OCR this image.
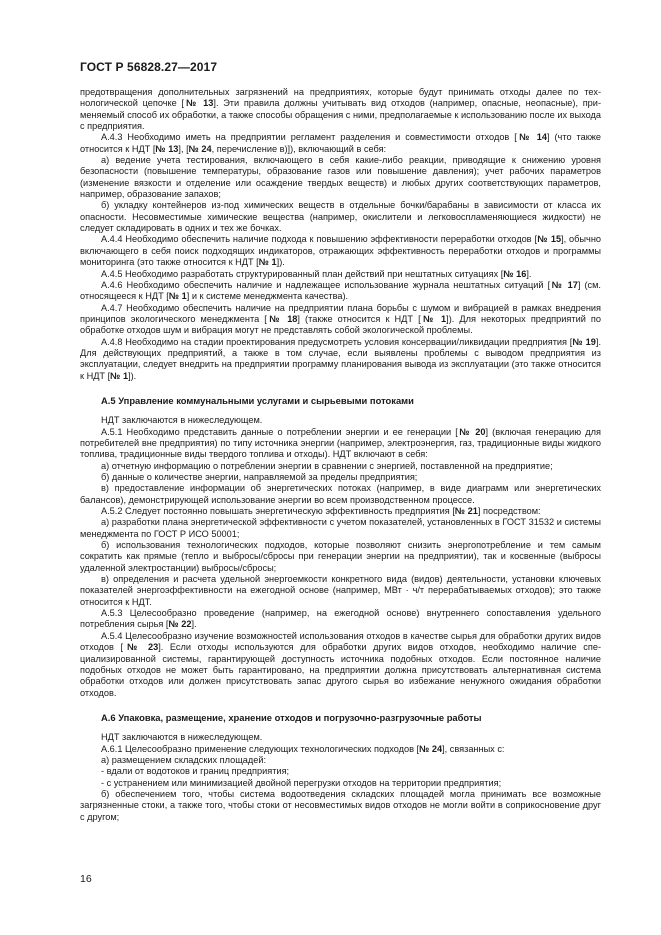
ГОСТ Р 56828.27—2017

предотвращения дополнительных загрязнений на предприятиях, которые будут принимать отходы далее по технологической цепочке [№ 13]. Эти правила должны учитывать вид отходов (например, опасные, неопасные), применяемый способ их обработки, а также способы обращения с ними, предполагаемые к использованию после их выхода с предприятия.

А.4.3 Необходимо иметь на предприятии регламент разделения и совместимости отходов [№ 14] (что также относится к НДТ [№ 13], [№ 24, перечисление в)]), включающий в себя:

а) ведение учета тестирования, включающего в себя какие-либо реакции, приводящие к снижению уровня безопасности (повышение температуры, образование газов или повышение давления); учет рабочих параметров (изменение вязкости и отделение или осаждение твердых веществ) и любых других соответствующих параметров, например, образование запахов;

б) укладку контейнеров из-под химических веществ в отдельные бочки/барабаны в зависимости от класса их опасности. Несовместимые химические вещества (например, окислители и легковоспламеняющиеся жидкости) не следует складировать в одних и тех же бочках.

А.4.4 Необходимо обеспечить наличие подхода к повышению эффективности переработки отходов [№ 15], обычно включающего в себя поиск подходящих индикаторов, отражающих эффективность переработки отходов и программы мониторинга (это также относится к НДТ [№ 1]).

А.4.5 Необходимо разработать структурированный план действий при нештатных ситуациях [№ 16].

А.4.6 Необходимо обеспечить наличие и надлежащее использование журнала нештатных ситуаций [№ 17] (см. относящееся к НДТ [№ 1] и к системе менеджмента качества).

А.4.7 Необходимо обеспечить наличие на предприятии плана борьбы с шумом и вибрацией в рамках внедрения принципов экологического менеджмента [№ 18] (также относится к НДТ [№ 1]). Для некоторых предприятий по обработке отходов шум и вибрация могут не представлять собой экологической проблемы.

А.4.8 Необходимо на стадии проектирования предусмотреть условия консервации/ликвидации предприятия [№ 19]. Для действующих предприятий, а также в том случае, если выявлены проблемы с выводом предприятия из эксплуатации, следует внедрить на предприятии программу планирования вывода из эксплуатации (это также относится к НДТ [№ 1]).

А.5 Управление коммунальными услугами и сырьевыми потоками

НДТ заключаются в нижеследующем.

А.5.1 Необходимо представить данные о потреблении энергии и ее генерации [№ 20] (включая генерацию для потребителей вне предприятия) по типу источника энергии (например, электроэнергия, газ, традиционные виды жидкого топлива, традиционные виды твердого топлива и отходы). НДТ включают в себя:

а) отчетную информацию о потреблении энергии в сравнении с энергией, поставленной на предприятие;

б) данные о количестве энергии, направляемой за пределы предприятия;

в) предоставление информации об энергетических потоках (например, в виде диаграмм или энергетических балансов), демонстрирующей использование энергии во всем производственном процессе.

А.5.2 Следует постоянно повышать энергетическую эффективность предприятия [№ 21] посредством:

а) разработки плана энергетической эффективности с учетом показателей, установленных в ГОСТ 31532 и системы менеджмента по ГОСТ Р ИСО 50001;

б) использования технологических подходов, которые позволяют снизить энергопотребление и тем самым сократить как прямые (тепло и выбросы/сбросы при генерации энергии на предприятии), так и косвенные (выбросы удаленной электростанции) выбросы/сбросы;

в) определения и расчета удельной энергоемкости конкретного вида (видов) деятельности, установки ключевых показателей энергоэффективности на ежегодной основе (например, МВт · ч/т перерабатываемых отходов); это также относится к НДТ.

А.5.3 Целесообразно проведение (например, на ежегодной основе) внутреннего сопоставления удельного потребления сырья [№ 22].

А.5.4 Целесообразно изучение возможностей использования отходов в качестве сырья для обработки других видов отходов [№ 23]. Если отходы используются для обработки других видов отходов, необходимо наличие специализированной системы, гарантирующей доступность источника подобных отходов. Если постоянное наличие подобных отходов не может быть гарантировано, на предприятии должна присутствовать альтернативная система обработки отходов или должен присутствовать запас другого сырья во избежание ненужного ожидания обработки отходов.

А.6 Упаковка, размещение, хранение отходов и погрузочно-разгрузочные работы

НДТ заключаются в нижеследующем.

А.6.1 Целесообразно применение следующих технологических подходов [№ 24], связанных с:

а) размещением складских площадей:

- вдали от водотоков и границ предприятия;

- с устранением или минимизацией двойной перегрузки отходов на территории предприятия;

б) обеспечением того, чтобы система водоотведения складских площадей могла принимать все возможные загрязненные стоки, а также того, чтобы стоки от несовместимых видов отходов не могли войти в соприкосновение друг с другом;

16
